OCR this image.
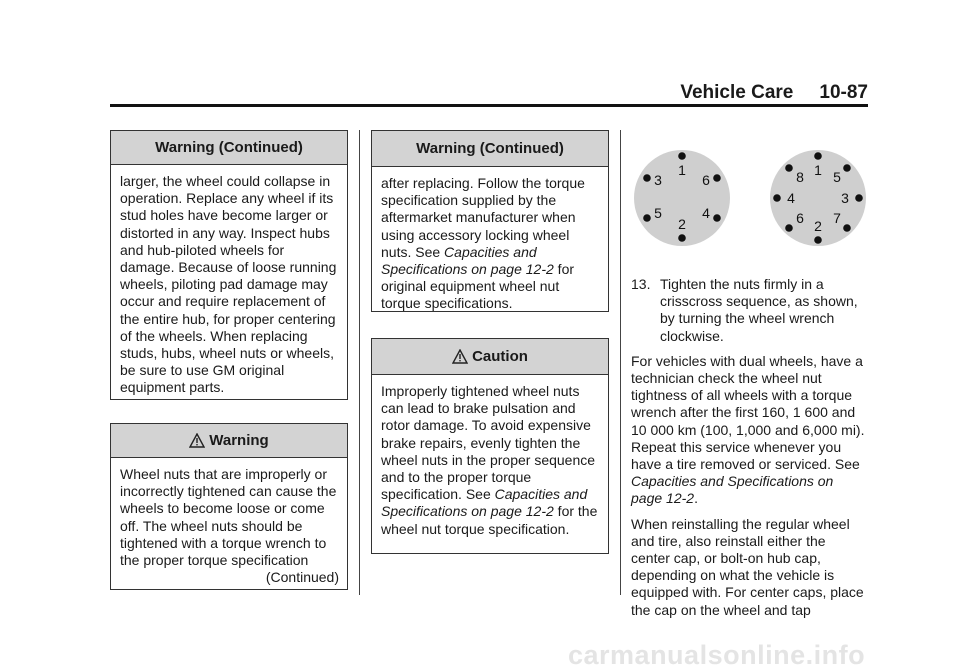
Vehicle Care 10-87
Warning (Continued)
larger, the wheel could collapse in operation. Replace any wheel if its stud holes have become larger or distorted in any way. Inspect hubs and hub-piloted wheels for damage. Because of loose running wheels, piloting pad damage may occur and require replacement of the entire hub, for proper centering of the wheels. When replacing studs, hubs, wheel nuts or wheels, be sure to use GM original equipment parts.
Warning
Wheel nuts that are improperly or incorrectly tightened can cause the wheels to become loose or come off. The wheel nuts should be tightened with a torque wrench to the proper torque specification
(Continued)
Warning (Continued)
after replacing. Follow the torque specification supplied by the aftermarket manufacturer when using accessory locking wheel nuts. See Capacities and Specifications on page 12-2 for original equipment wheel nut torque specifications.
Caution
Improperly tightened wheel nuts can lead to brake pulsation and rotor damage. To avoid expensive brake repairs, evenly tighten the wheel nuts in the proper sequence and to the proper torque specification. See Capacities and Specifications on page 12-2 for the wheel nut torque specification.
1
2
3
4
5
6
1
2
3
4
5
6 7
8

13. Tighten the nuts firmly in a crisscross sequence, as shown, by turning the wheel wrench clockwise.

For vehicles with dual wheels, have a technician check the wheel nut tightness of all wheels with a torque wrench after the first 160, 1 600 and 10 000 km (100, 1,000 and 6,000 mi). Repeat this service whenever you have a tire removed or serviced. See Capacities and Specifications on page 12-2.

When reinstalling the regular wheel and tire, also reinstall either the center cap, or bolt-on hub cap, depending on what the vehicle is equipped with. For center caps, place the cap on the wheel and tap

carmanualsonline.info
